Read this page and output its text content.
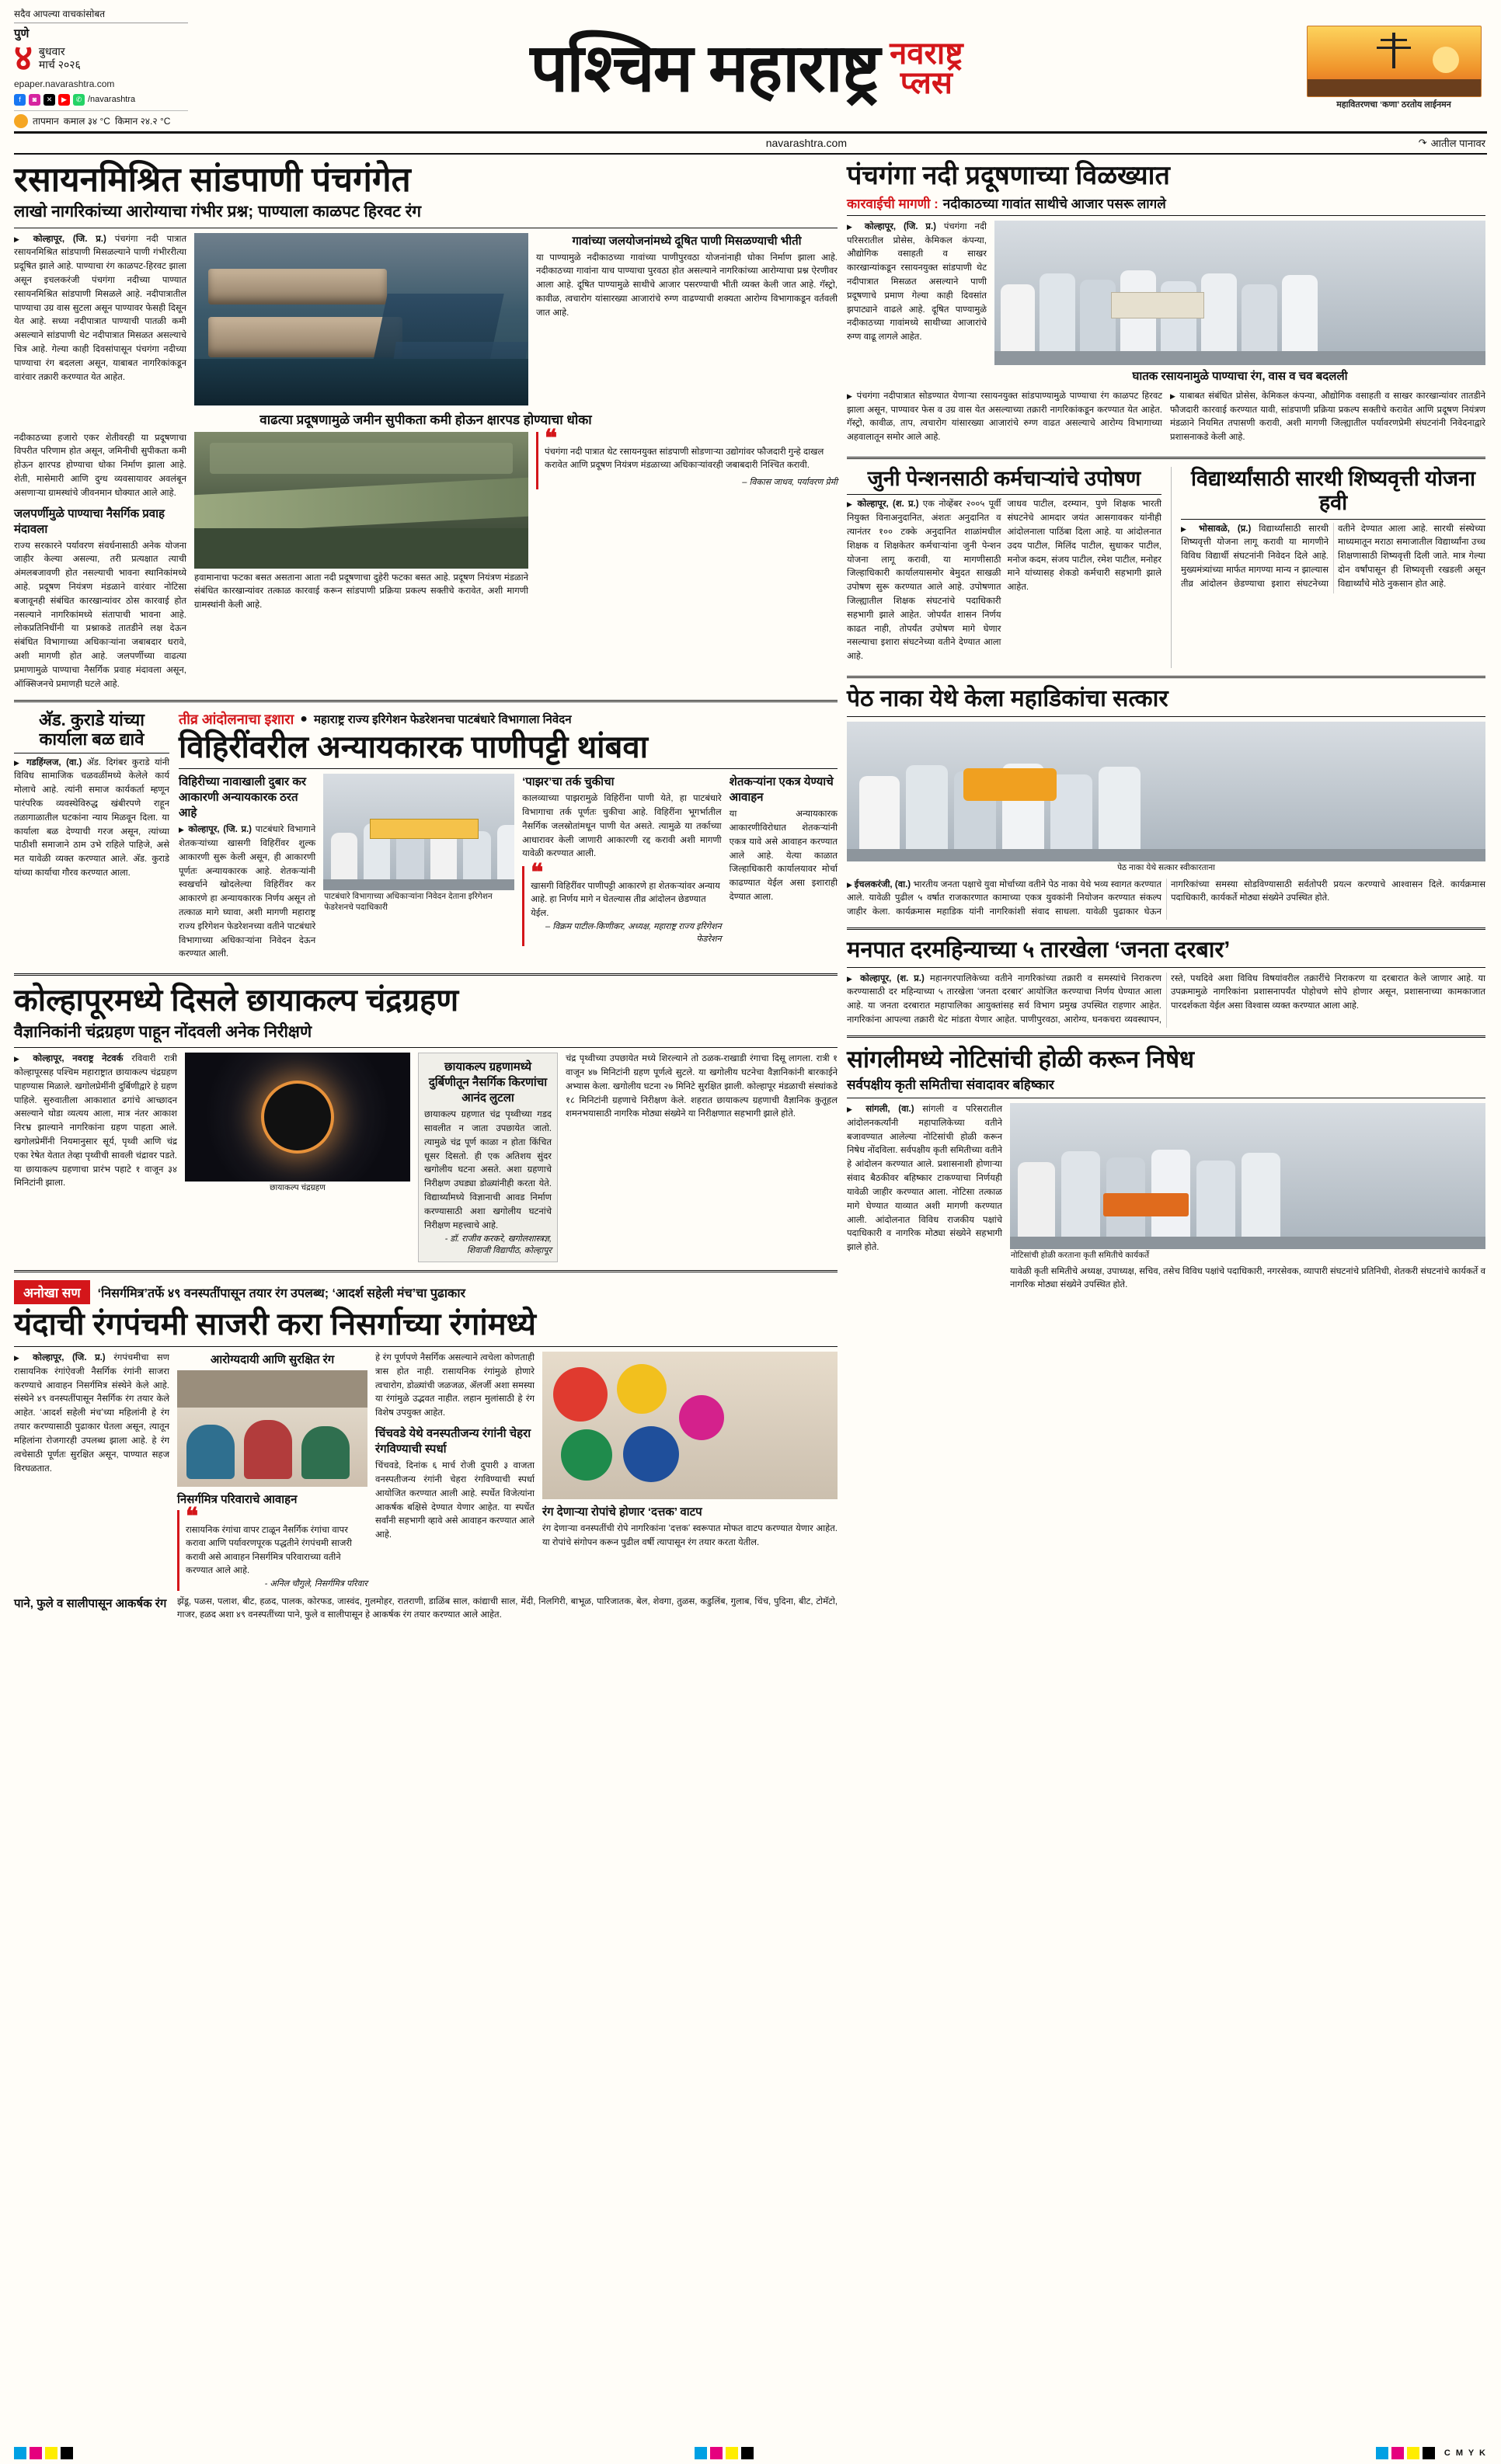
सदैव आपल्या वाचकांसोबत
पुणे
४ बुधवार
मार्च २०२६
epaper.navarashtra.com
f	◙	✕	▶	✆ /navarashtra
तापमान कमाल ३४ °C किमान २४.२ °C
पश्चिम महाराष्ट्र नवराष्ट्र
प्लस
महावितरणचा ‘कणा’ ठरतोय लाईनमन
navarashtra.com	↷ आतील पानावर
रसायनमिश्रित सांडपाणी पंचगंगेत
लाखो नागरिकांच्या आरोग्याचा गंभीर प्रश्न; पाण्याला काळपट हिरवट रंग

▶ कोल्हापूर, (जि. प्र.) पंचगंगा नदी पात्रात रसायनमिश्रित सांडपाणी मिसळल्याने पाणी गंभीररीत्या प्रदूषित झाले आहे. पाण्याचा रंग काळपट-हिरवट झाला असून इचलकरंजी पंचगंगा नदीच्या पाण्यात रसायनमिश्रित सांडपाणी मिसळले आहे. नदीपात्रातील पाण्याचा उग्र वास सुटला असून पाण्यावर फेसही दिसून येत आहे. सध्या नदीपात्रात पाण्याची पातळी कमी असल्याने सांडपाणी थेट नदीपात्रात मिसळत असल्याचे चित्र आहे. गेल्या काही दिवसांपासून पंचगंगा नदीच्या पाण्याचा रंग बदलला असून, याबाबत नागरिकांकडून वारंवार तक्रारी करण्यात येत आहेत.

गावांच्या जलयोजनांमध्ये दूषित पाणी मिसळण्याची भीती
या पाण्यामुळे नदीकाठच्या गावांच्या पाणीपुरवठा योजनांनाही धोका निर्माण झाला आहे. नदीकाठच्या गावांना याच पाण्याचा पुरवठा होत असल्याने नागरिकांच्या आरोग्याचा प्रश्न ऐरणीवर आला आहे. दूषित पाण्यामुळे साथीचे आजार पसरण्याची भीती व्यक्त केली जात आहे. गॅस्ट्रो, कावीळ, त्वचारोग यांसारख्या आजारांचे रुग्ण वाढण्याची शक्यता आरोग्य विभागाकडून वर्तवली जात आहे.
वाढत्या प्रदूषणामुळे जमीन सुपीकता कमी होऊन क्षारपड होण्याचा धोका
नदीकाठच्या हजारो एकर शेतीवरही या प्रदूषणाचा विपरीत परिणाम होत असून, जमिनीची सुपीकता कमी होऊन क्षारपड होण्याचा धोका निर्माण झाला आहे. शेती, मासेमारी आणि दुग्ध व्यवसायावर अवलंबून असणाऱ्या ग्रामस्थांचे जीवनमान धोक्यात आले आहे.
जलपर्णीमुळे पाण्याचा नैसर्गिक प्रवाह मंदावला
राज्य सरकारने पर्यावरण संवर्धनासाठी अनेक योजना जाहीर केल्या असल्या, तरी प्रत्यक्षात त्याची अंमलबजावणी होत नसल्याची भावना स्थानिकांमध्ये आहे. प्रदूषण नियंत्रण मंडळाने वारंवार नोटिसा बजावूनही संबंधित कारखान्यांवर ठोस कारवाई होत नसल्याने नागरिकांमध्ये संतापाची भावना आहे. लोकप्रतिनिधींनी या प्रश्नाकडे तातडीने लक्ष देऊन संबंधित विभागाच्या अधिकाऱ्यांना जबाबदार धरावे, अशी मागणी होत आहे. जलपर्णीच्या वाढत्या प्रमाणामुळे पाण्याचा नैसर्गिक प्रवाह मंदावला असून, ऑक्सिजनचे प्रमाणही घटले आहे.
हवामानाचा फटका बसत असताना आता नदी प्रदूषणाचा दुहेरी फटका बसत आहे. प्रदूषण नियंत्रण मंडळाने संबंधित कारखान्यांवर तत्काळ कारवाई करून सांडपाणी प्रक्रिया प्रकल्प सक्तीचे करावेत, अशी मागणी ग्रामस्थांनी केली आहे.
❝
पंचगंगा नदी पात्रात थेट रसायनयुक्त सांडपाणी सोडणाऱ्या उद्योगांवर फौजदारी गुन्हे दाखल करावेत आणि प्रदूषण नियंत्रण मंडळाच्या अधिकाऱ्यांवरही जबाबदारी निश्चित करावी.
– विकास जाधव, पर्यावरण प्रेमी
अ‍ॅड. कुराडे यांच्या कार्याला बळ द्यावे

▶ गडहिंग्लज, (वा.) अ‍ॅड. दिगंबर कुराडे यांनी विविध सामाजिक चळवळींमध्ये केलेले कार्य मोलाचे आहे. त्यांनी समाज कार्यकर्ता म्हणून पारंपरिक व्यवस्थेविरुद्ध खंबीरपणे राहून तळागाळातील घटकांना न्याय मिळवून दिला. या कार्याला बळ देण्याची गरज असून, त्यांच्या पाठीशी समाजाने ठाम उभे राहिले पाहिजे, असे मत यावेळी व्यक्त करण्यात आले. अ‍ॅड. कुराडे यांच्या कार्याचा गौरव करण्यात आला.

तीव्र आंदोलनाचा इशारा ● महाराष्ट्र राज्य इरिगेशन फेडरेशनचा पाटबंधारे विभागाला निवेदन
विहिरींवरील अन्यायकारक पाणीपट्टी थांबवा
विहिरीच्या नावाखाली दुबार कर आकारणी अन्यायकारक ठरत आहे

▶ कोल्हापूर, (जि. प्र.) पाटबंधारे विभागाने शेतकऱ्यांच्या खासगी विहिरींवर शुल्क आकारणी सुरू केली असून, ही आकारणी पूर्णतः अन्यायकारक आहे. शेतकऱ्यांनी स्वखर्चाने खोदलेल्या विहिरींवर कर आकारणे हा अन्यायकारक निर्णय असून तो तत्काळ मागे घ्यावा, अशी मागणी महाराष्ट्र राज्य इरिगेशन फेडरेशनच्या वतीने पाटबंधारे विभागाच्या अधिकाऱ्यांना निवेदन देऊन करण्यात आली.

पाटबंधारे विभागाच्या अधिकाऱ्यांना निवेदन देताना इरिगेशन फेडरेशनचे पदाधिकारी
‘पाझर’चा तर्क चुकीचा
कालव्याच्या पाझरामुळे विहिरींना पाणी येते, हा पाटबंधारे विभागाचा तर्क पूर्णतः चुकीचा आहे. विहिरींना भूगर्भातील नैसर्गिक जलस्रोतांमधून पाणी येत असते. त्यामुळे या तर्काच्या आधारावर केली जाणारी आकारणी रद्द करावी अशी मागणी यावेळी करण्यात आली.
❝
खासगी विहिरींवर पाणीपट्टी आकारणे हा शेतकऱ्यांवर अन्याय आहे. हा निर्णय मागे न घेतल्यास तीव्र आंदोलन छेडण्यात येईल.
– विक्रम पाटील-किणीकर, अध्यक्ष, महाराष्ट्र राज्य इरिगेशन फेडरेशन
शेतकऱ्यांना एकत्र येण्याचे आवाहन
या अन्यायकारक आकारणीविरोधात शेतकऱ्यांनी एकत्र यावे असे आवाहन करण्यात आले आहे. येत्या काळात जिल्हाधिकारी कार्यालयावर मोर्चा काढण्यात येईल असा इशाराही देण्यात आला.
कोल्हापूरमध्ये दिसले छायाकल्प चंद्रग्रहण
वैज्ञानिकांनी चंद्रग्रहण पाहून नोंदवली अनेक निरीक्षणे

▶ कोल्हापूर, नवराष्ट्र नेटवर्क रविवारी रात्री कोल्हापूरसह पश्चिम महाराष्ट्रात छायाकल्प चंद्रग्रहण पाहण्यास मिळाले. खगोलप्रेमींनी दुर्बिणीद्वारे हे ग्रहण पाहिले. सुरुवातीला आकाशात ढगांचे आच्छादन असल्याने थोडा व्यत्यय आला, मात्र नंतर आकाश निरभ्र झाल्याने नागरिकांना ग्रहण पाहता आले. खगोलप्रेमींनी नियमानुसार सूर्य, पृथ्वी आणि चंद्र एका रेषेत येतात तेव्हा पृथ्वीची सावली चंद्रावर पडते. या छायाकल्प ग्रहणाचा प्रारंभ पहाटे १ वाजून ३४ मिनिटांनी झाला.	छायाकल्प चंद्रग्रहण
छायाकल्प ग्रहणामध्ये दुर्बिणीतून नैसर्गिक किरणांचा आनंद लुटला
छायाकल्प ग्रहणात चंद्र पृथ्वीच्या गडद सावलीत न जाता उपछायेत जातो. त्यामुळे चंद्र पूर्ण काळा न होता किंचित धूसर दिसतो. ही एक अतिशय सुंदर खगोलीय घटना असते. अशा ग्रहणाचे निरीक्षण उघड्या डोळ्यांनीही करता येते. विद्यार्थ्यांमध्ये विज्ञानाची आवड निर्माण करण्यासाठी अशा खगोलीय घटनांचे निरीक्षण महत्त्वाचे आहे.
- डॉ. राजीव करकरे, खगोलशास्त्रज्ञ, शिवाजी विद्यापीठ, कोल्हापूर
चंद्र पृथ्वीच्या उपछायेत मध्ये शिरल्याने तो ठळक-राखाडी रंगाचा दिसू लागला. रात्री १ वाजून ४७ मिनिटांनी ग्रहण पूर्णत्वे सुटले. या खगोलीय घटनेचा वैज्ञानिकांनी बारकाईने अभ्यास केला. खगोलीय घटना २७ मिनिटे सुरक्षित झाली. कोल्हापूर मंडळाची संस्थांकडे १८ मिनिटांनी ग्रहणाचे निरीक्षण केले. शहरात छायाकल्प ग्रहणाची वैज्ञानिक कुतूहल शमनभयासाठी नागरिक मोठ्या संख्येने या निरीक्षणात सहभागी झाले होते.
अनोखा सण	‘निसर्गमित्र’तर्फे ४९ वनस्पतींपासून तयार रंग उपलब्ध; ‘आदर्श सहेली मंच’चा पुढाकार
यंदाची रंगपंचमी साजरी करा निसर्गाच्या रंगांमध्ये

▶ कोल्हापूर, (जि. प्र.) रंगपंचमीचा सण रासायनिक रंगांऐवजी नैसर्गिक रंगांनी साजरा करण्याचे आवाहन निसर्गमित्र संस्थेने केले आहे. संस्थेने ४९ वनस्पतींपासून नैसर्गिक रंग तयार केले आहेत. ‘आदर्श सहेली मंच’च्या महिलांनी हे रंग तयार करण्यासाठी पुढाकार घेतला असून, त्यातून महिलांना रोजगारही उपलब्ध झाला आहे. हे रंग त्वचेसाठी पूर्णतः सुरक्षित असून, पाण्यात सहज विरघळतात.

आरोग्यदायी आणि सुरक्षित रंग
निसर्गमित्र परिवाराचे आवाहन
❝
रासायनिक रंगांचा वापर टाळून नैसर्गिक रंगांचा वापर करावा आणि पर्यावरणपूरक पद्धतीने रंगपंचमी साजरी करावी असे आवाहन निसर्गमित्र परिवाराच्या वतीने करण्यात आले आहे.
- अनिल चौगुले, निसर्गमित्र परिवार
हे रंग पूर्णपणे नैसर्गिक असल्याने त्वचेला कोणताही त्रास होत नाही. रासायनिक रंगांमुळे होणारे त्वचारोग, डोळ्यांची जळजळ, ॲलर्जी अशा समस्या या रंगांमुळे उद्भवत नाहीत. लहान मुलांसाठी हे रंग विशेष उपयुक्त आहेत.
चिंचवडे येथे वनस्पतीजन्य रंगांनी चेहरा रंगविण्याची स्पर्धा
चिंचवडे, दिनांक ६ मार्च रोजी दुपारी ३ वाजता वनस्पतीजन्य रंगांनी चेहरा रंगविण्याची स्पर्धा आयोजित करण्यात आली आहे. स्पर्धेत विजेत्यांना आकर्षक बक्षिसे देण्यात येणार आहेत. या स्पर्धेत सर्वांनी सहभागी व्हावे असे आवाहन करण्यात आले आहे.
रंग देणाऱ्या रोपांचे होणार ‘दत्तक’ वाटप
रंग देणाऱ्या वनस्पतींची रोपे नागरिकांना ‘दत्तक’ स्वरूपात मोफत वाटप करण्यात येणार आहेत. या रोपांचे संगोपन करून पुढील वर्षी त्यापासून रंग तयार करता येतील.
पाने, फुले व सालीपासून आकर्षक रंग	झेंडू, पळस, पलाश, बीट, हळद, पालक, कोरफड, जास्वंद, गुलमोहर, रातराणी, डाळिंब साल, कांद्याची साल, मेंदी, निलगिरी, बाभूळ, पारिजातक, बेल, शेवगा, तुळस, कडुलिंब, गुलाब, चिंच, पुदिना, बीट, टोमॅटो, गाजर, हळद अशा ४९ वनस्पतींच्या पाने, फुले व सालीपासून हे आकर्षक रंग तयार करण्यात आले आहेत.
पंचगंगा नदी प्रदूषणाच्या विळख्यात
कारवाईची मागणी : नदीकाठच्या गावांत साथीचे आजार पसरू लागले

▶ कोल्हापूर, (जि. प्र.) पंचगंगा नदी परिसरातील प्रोसेस, केमिकल कंपन्या, औद्योगिक वसाहती व साखर कारखान्यांकडून रसायनयुक्त सांडपाणी थेट नदीपात्रात मिसळत असल्याने पाणी प्रदूषणाचे प्रमाण गेल्या काही दिवसांत झपाट्याने वाढले आहे. दूषित पाण्यामुळे नदीकाठच्या गावांमध्ये साथीच्या आजारांचे रुग्ण वाढू लागले आहेत.

घातक रसायनामुळे पाण्याचा रंग, वास व चव बदलली

▶ पंचगंगा नदीपात्रात सोडण्यात येणाऱ्या रसायनयुक्त सांडपाण्यामुळे पाण्याचा रंग काळपट हिरवट झाला असून, पाण्यावर फेस व उग्र वास येत असल्याच्या तक्रारी नागरिकांकडून करण्यात येत आहेत. गॅस्ट्रो, कावीळ, ताप, त्वचारोग यांसारख्या आजारांचे रुग्ण वाढत असल्याचे आरोग्य विभागाच्या अहवालातून समोर आले आहे.

▶ याबाबत संबंधित प्रोसेस, केमिकल कंपन्या, औद्योगिक वसाहती व साखर कारखान्यांवर तातडीने फौजदारी कारवाई करण्यात यावी, सांडपाणी प्रक्रिया प्रकल्प सक्तीचे करावेत आणि प्रदूषण नियंत्रण मंडळाने नियमित तपासणी करावी, अशी मागणी जिल्ह्यातील पर्यावरणप्रेमी संघटनांनी निवेदनाद्वारे प्रशासनाकडे केली आहे.

जुनी पेन्शनसाठी कर्मचाऱ्यांचे उपोषण

▶ कोल्हापूर, (श. प्र.) एक नोव्हेंबर २००५ पूर्वी नियुक्त विनाअनुदानित, अंशतः अनुदानित व त्यानंतर १०० टक्के अनुदानित शाळांमधील शिक्षक व शिक्षकेतर कर्मचाऱ्यांना जुनी पेन्शन योजना लागू करावी, या मागणीसाठी जिल्हाधिकारी कार्यालयासमोर बेमुदत साखळी उपोषण सुरू करण्यात आले आहे. उपोषणात जिल्ह्यातील शिक्षक संघटनांचे पदाधिकारी सहभागी झाले आहेत. जोपर्यंत शासन निर्णय काढत नाही, तोपर्यंत उपोषण मागे घेणार नसल्याचा इशारा संघटनेच्या वतीने देण्यात आला आहे.

जाधव पाटील, दरम्यान, पुणे शिक्षक भारती संघटनेचे आमदार जयंत आसगावकर यांनीही आंदोलनाला पाठिंबा दिला आहे. या आंदोलनात उदय पाटील, मिलिंद पाटील, सुधाकर पाटील, मनोज कदम, संजय पाटील, रमेश पाटील, मनोहर माने यांच्यासह शेकडो कर्मचारी सहभागी झाले आहेत.

विद्यार्थ्यांसाठी सारथी शिष्यवृत्ती योजना हवी

▶ भोसावळे, (प्र.) विद्यार्थ्यांसाठी सारथी शिष्यवृत्ती योजना लागू करावी या मागणीने विविध विद्यार्थी संघटनांनी निवेदन दिले आहे. मुख्यमंत्र्यांच्या मार्फत मागण्या मान्य न झाल्यास तीव्र आंदोलन छेडण्याचा इशारा संघटनेच्या वतीने देण्यात आला आहे. सारथी संस्थेच्या माध्यमातून मराठा समाजातील विद्यार्थ्यांना उच्च शिक्षणासाठी शिष्यवृत्ती दिली जाते. मात्र गेल्या दोन वर्षांपासून ही शिष्यवृत्ती रखडली असून विद्यार्थ्यांचे मोठे नुकसान होत आहे.

पेठ नाका येथे केला महाडिकांचा सत्कार
पेठ नाका येथे सत्कार स्वीकारताना

▶ ईचलकरंजी, (वा.) भारतीय जनता पक्षाचे युवा मोर्चाच्या वतीने पेठ नाका येथे भव्य स्वागत करण्यात आले. यावेळी पुढील ५ वर्षात राजकारणात कामाच्या एकत्र युवकांनी नियोजन करण्यात संकल्प जाहीर केला. कार्यक्रमास महाडिक यांनी नागरिकांशी संवाद साधला. यावेळी पुढाकार घेऊन नागरिकांच्या समस्या सोडविण्यासाठी सर्वतोपरी प्रयत्न करण्याचे आश्वासन दिले. कार्यक्रमास पदाधिकारी, कार्यकर्ते मोठ्या संख्येने उपस्थित होते.

मनपात दरमहिन्याच्या ५ तारखेला ‘जनता दरबार’

▶ कोल्हापूर, (श. प्र.) महानगरपालिकेच्या वतीने नागरिकांच्या तक्रारी व समस्यांचे निराकरण करण्यासाठी दर महिन्याच्या ५ तारखेला ‘जनता दरबार’ आयोजित करण्याचा निर्णय घेण्यात आला आहे. या जनता दरबारात महापालिका आयुक्तांसह सर्व विभाग प्रमुख उपस्थित राहणार आहेत. नागरिकांना आपल्या तक्रारी थेट मांडता येणार आहेत. पाणीपुरवठा, आरोग्य, घनकचरा व्यवस्थापन, रस्ते, पथदिवे अशा विविध विषयांवरील तक्रारींचे निराकरण या दरबारात केले जाणार आहे. या उपक्रमामुळे नागरिकांना प्रशासनापर्यंत पोहोचणे सोपे होणार असून, प्रशासनाच्या कामकाजात पारदर्शकता येईल असा विश्वास व्यक्त करण्यात आला आहे.

सांगलीमध्ये नोटिसांची होळी करून निषेध
सर्वपक्षीय कृती समितीचा संवादावर बहिष्कार

▶ सांगली, (वा.) सांगली व परिसरातील आंदोलनकर्त्यांनी महापालिकेच्या वतीने बजावण्यात आलेल्या नोटिसांची होळी करून निषेध नोंदविला. सर्वपक्षीय कृती समितीच्या वतीने हे आंदोलन करण्यात आले. प्रशासनाशी होणाऱ्या संवाद बैठकीवर बहिष्कार टाकण्याचा निर्णयही यावेळी जाहीर करण्यात आला. नोटिसा तत्काळ मागे घेण्यात याव्यात अशी मागणी करण्यात आली. आंदोलनात विविध राजकीय पक्षांचे पदाधिकारी व नागरिक मोठ्या संख्येने सहभागी झाले होते.

नोटिसांची होळी करताना कृती समितीचे कार्यकर्ते
यावेळी कृती समितीचे अध्यक्ष, उपाध्यक्ष, सचिव, तसेच विविध पक्षांचे पदाधिकारी, नगरसेवक, व्यापारी संघटनांचे प्रतिनिधी, शेतकरी संघटनांचे कार्यकर्ते व नागरिक मोठ्या संख्येने उपस्थित होते.
C M Y K
